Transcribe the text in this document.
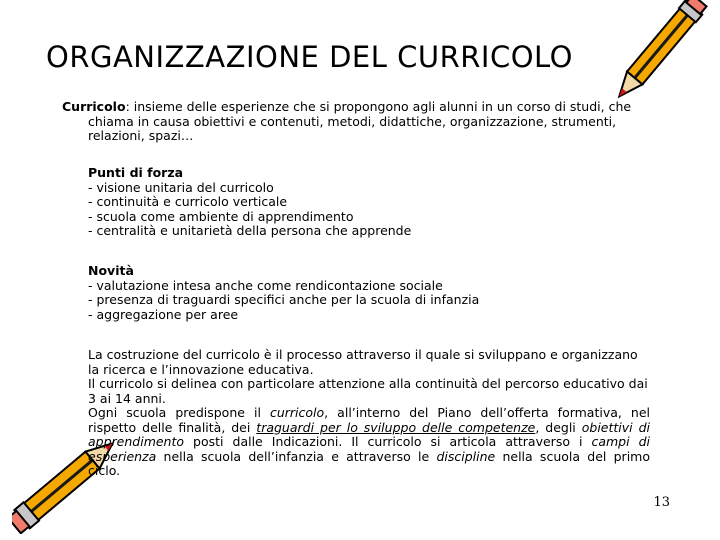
ORGANIZZAZIONE DEL CURRICOLO
Curricolo: insieme delle esperienze che si propongono agli alunni in un corso di studi, che
chiama in causa obiettivi e contenuti, metodi, didattiche, organizzazione, strumenti,
relazioni, spazi…
Punti di forza
- visione unitaria del curricolo
- continuità e curricolo verticale
- scuola come ambiente di apprendimento
- centralità e unitarietà della persona che apprende
Novità
- valutazione intesa anche come rendicontazione sociale
- presenza di traguardi specifici anche per la scuola di infanzia
- aggregazione per aree
La costruzione del curricolo è il processo attraverso il quale si sviluppano e organizzano la ricerca e l’innovazione educativa.
Il curricolo si delinea con particolare attenzione alla continuità del percorso educativo dai 3 ai 14 anni.
Ogni scuola predispone il curricolo, all’interno del Piano dell’offerta formativa, nel rispetto delle finalità, dei traguardi per lo sviluppo delle competenze, degli obiettivi di apprendimento posti dalle Indicazioni. Il curricolo si articola attraverso i campi di esperienza nella scuola dell’infanzia e attraverso le discipline nella scuola del primo ciclo.
13
